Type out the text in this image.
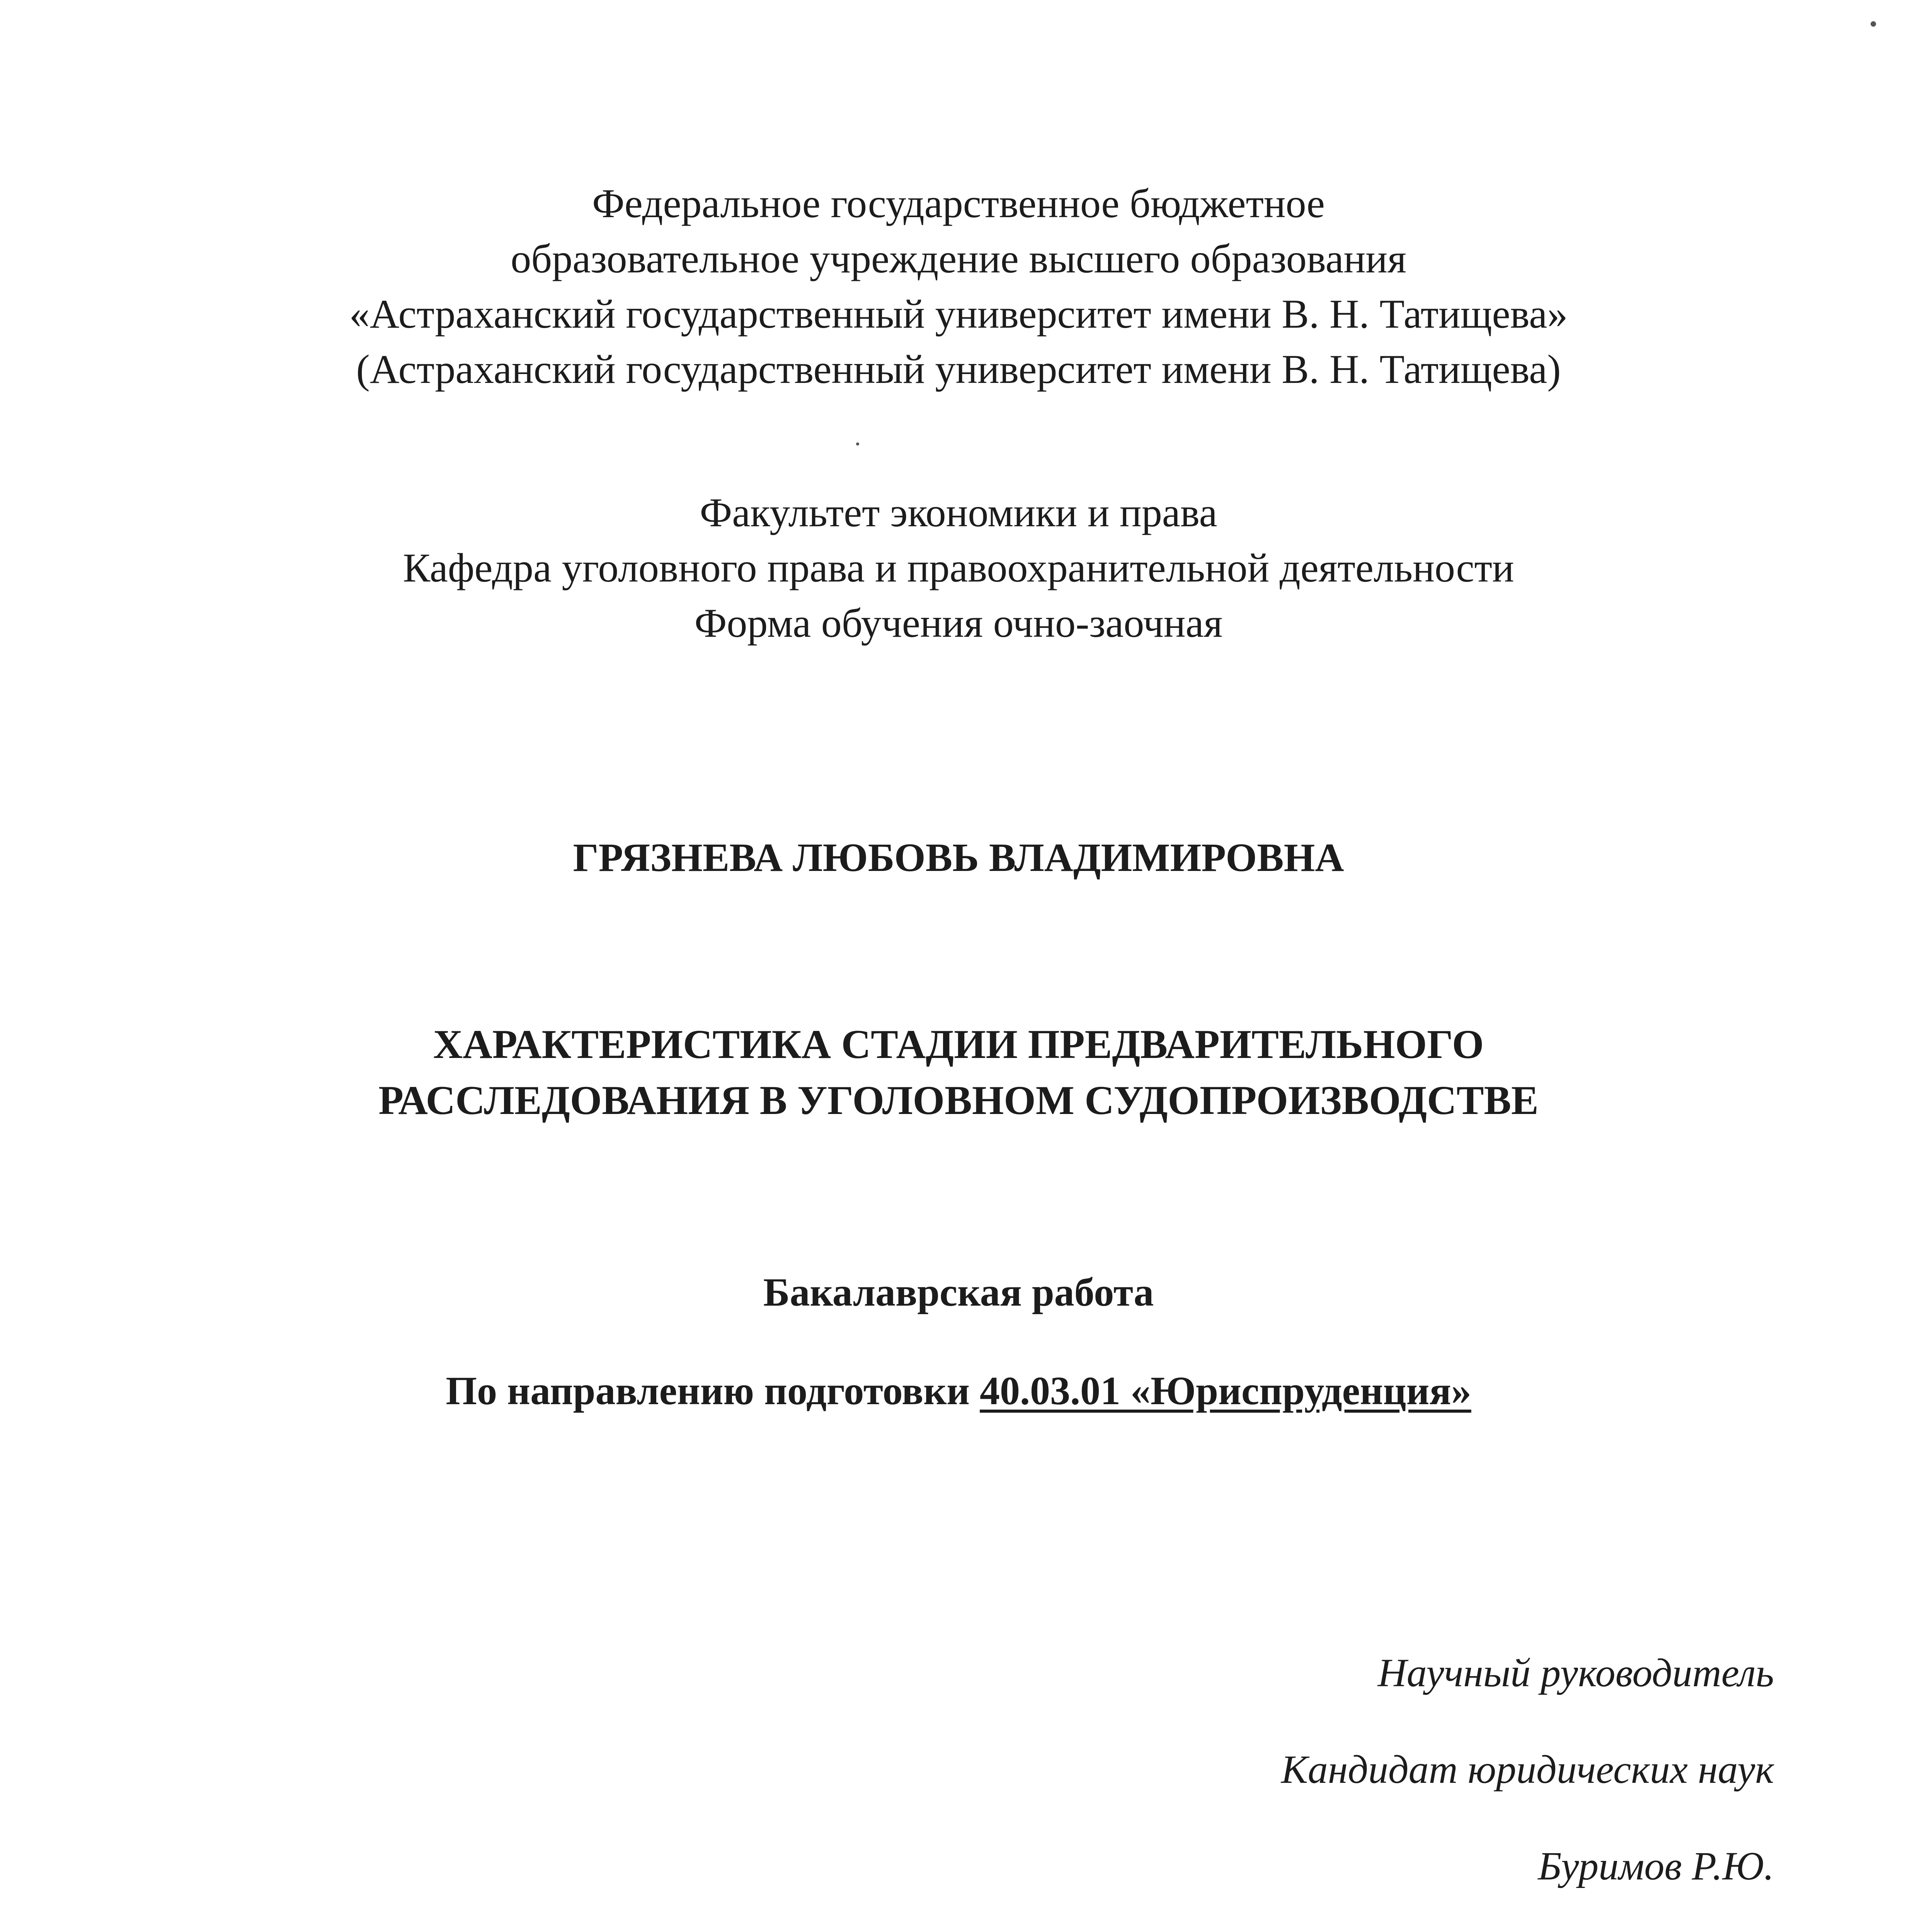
Федеральное государственное бюджетное
образовательное учреждение высшего образования
«Астраханский государственный университет имени В. Н. Татищева»
(Астраханский государственный университет имени В. Н. Татищева)
Факультет экономики и права
Кафедра уголовного права и правоохранительной деятельности
Форма обучения очно-заочная
ГРЯЗНЕВА ЛЮБОВЬ ВЛАДИМИРОВНА
ХАРАКТЕРИСТИКА СТАДИИ ПРЕДВАРИТЕЛЬНОГО
РАССЛЕДОВАНИЯ В УГОЛОВНОМ СУДОПРОИЗВОДСТВЕ
Бакалаврская работа
По направлению подготовки 40.03.01 «Юриспруденция»
Научный руководитель
Кандидат юридических наук
Буримов Р.Ю.
